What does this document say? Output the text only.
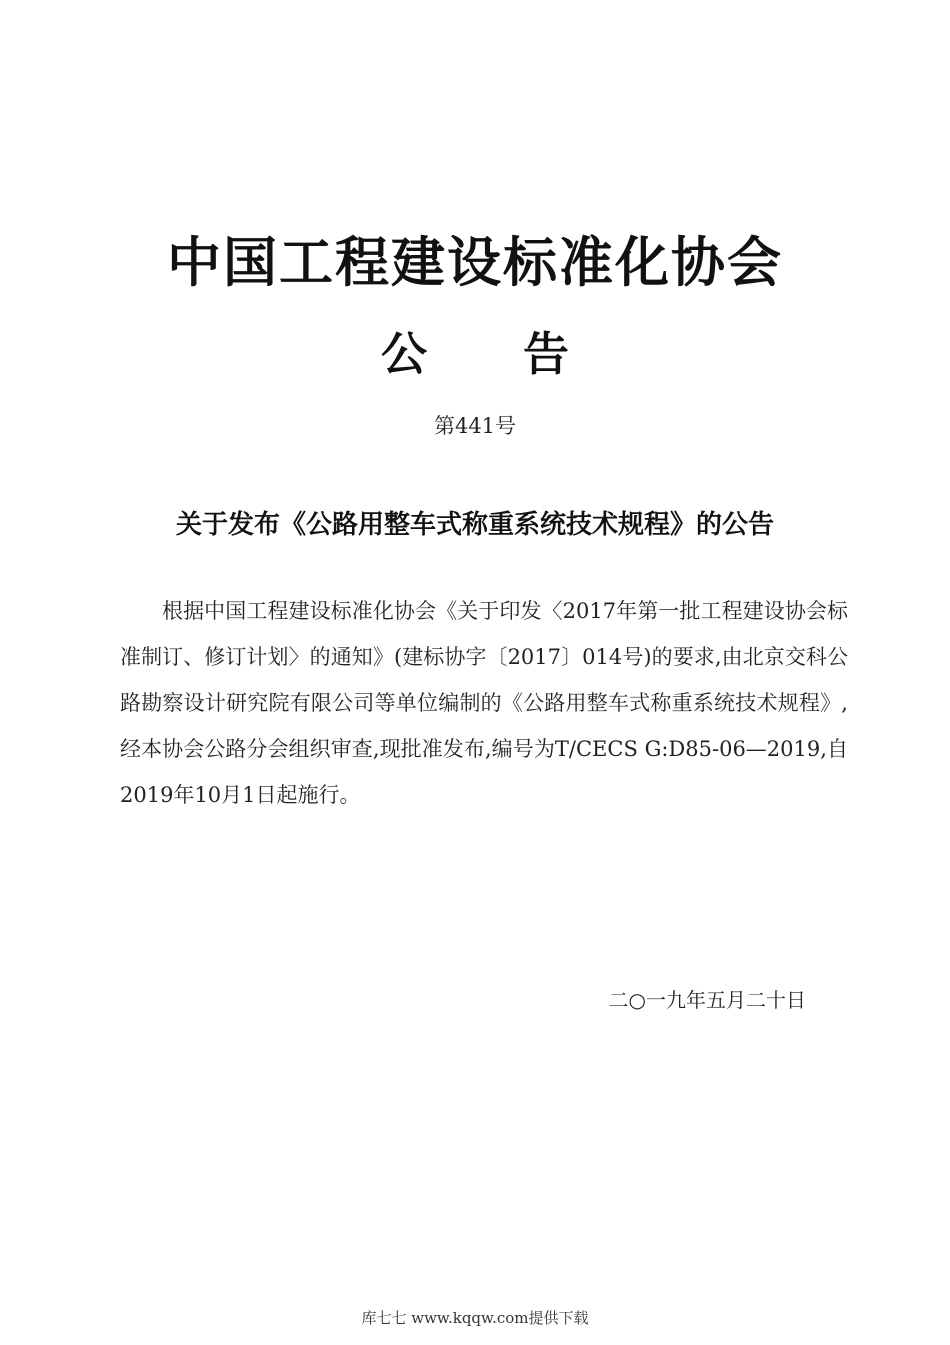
中国工程建设标准化协会
公 告
第441号
关于发布《公路用整车式称重系统技术规程》的公告

根据中国工程建设标准化协会《关于印发〈2017年第一批工程建设协会标准制订、修订计划〉的通知》(建标协字〔2017〕014号)的要求,由北京交科公路勘察设计研究院有限公司等单位编制的《公路用整车式称重系统技术规程》,经本协会公路分会组织审查,现批准发布,编号为T/CECS G:D85-06—2019,自2019年10月1日起施行。

二○一九年五月二十日
库七七 www.kqqw.com提供下载
